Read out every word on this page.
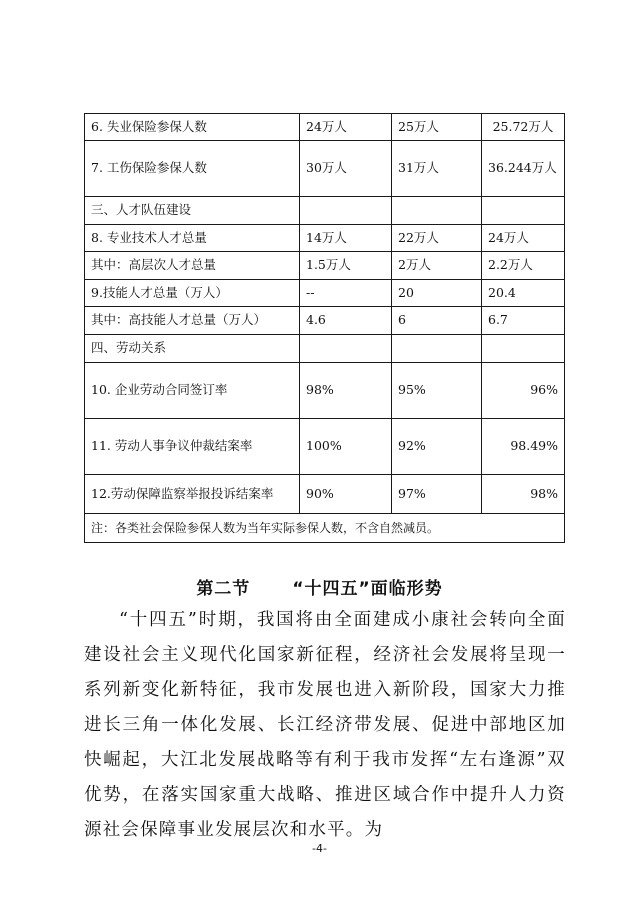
6. 失业保险参保人数	24万人	25万人	25.72万人
7. 工伤保险参保人数	30万人	31万人	36.244万人
三、人才队伍建设			
8. 专业技术人才总量	14万人	22万人	24万人
其中：高层次人才总量	1.5万人	2万人	2.2万人
9.技能人才总量（万人）	--	20	20.4
其中：高技能人才总量（万人）	4.6	6	6.7
四、劳动关系			
10. 企业劳动合同签订率	98%	95%	96%
11. 劳动人事争议仲裁结案率	100%	92%	98.49%
12.劳动保障监察举报投诉结案率	90%	97%	98%
注：各类社会保险参保人数为当年实际参保人数，不含自然减员。			
第二节 “十四五”面临形势
“十四五”时期，我国将由全面建成小康社会转向全面建设社会主义现代化国家新征程，经济社会发展将呈现一系列新变化新特征，我市发展也进入新阶段，国家大力推进长三角一体化发展、长江经济带发展、促进中部地区加快崛起，大江北发展战略等有利于我市发挥“左右逢源”双优势，在落实国家重大战略、推进区域合作中提升人力资源社会保障事业发展层次和水平。为
-4-
